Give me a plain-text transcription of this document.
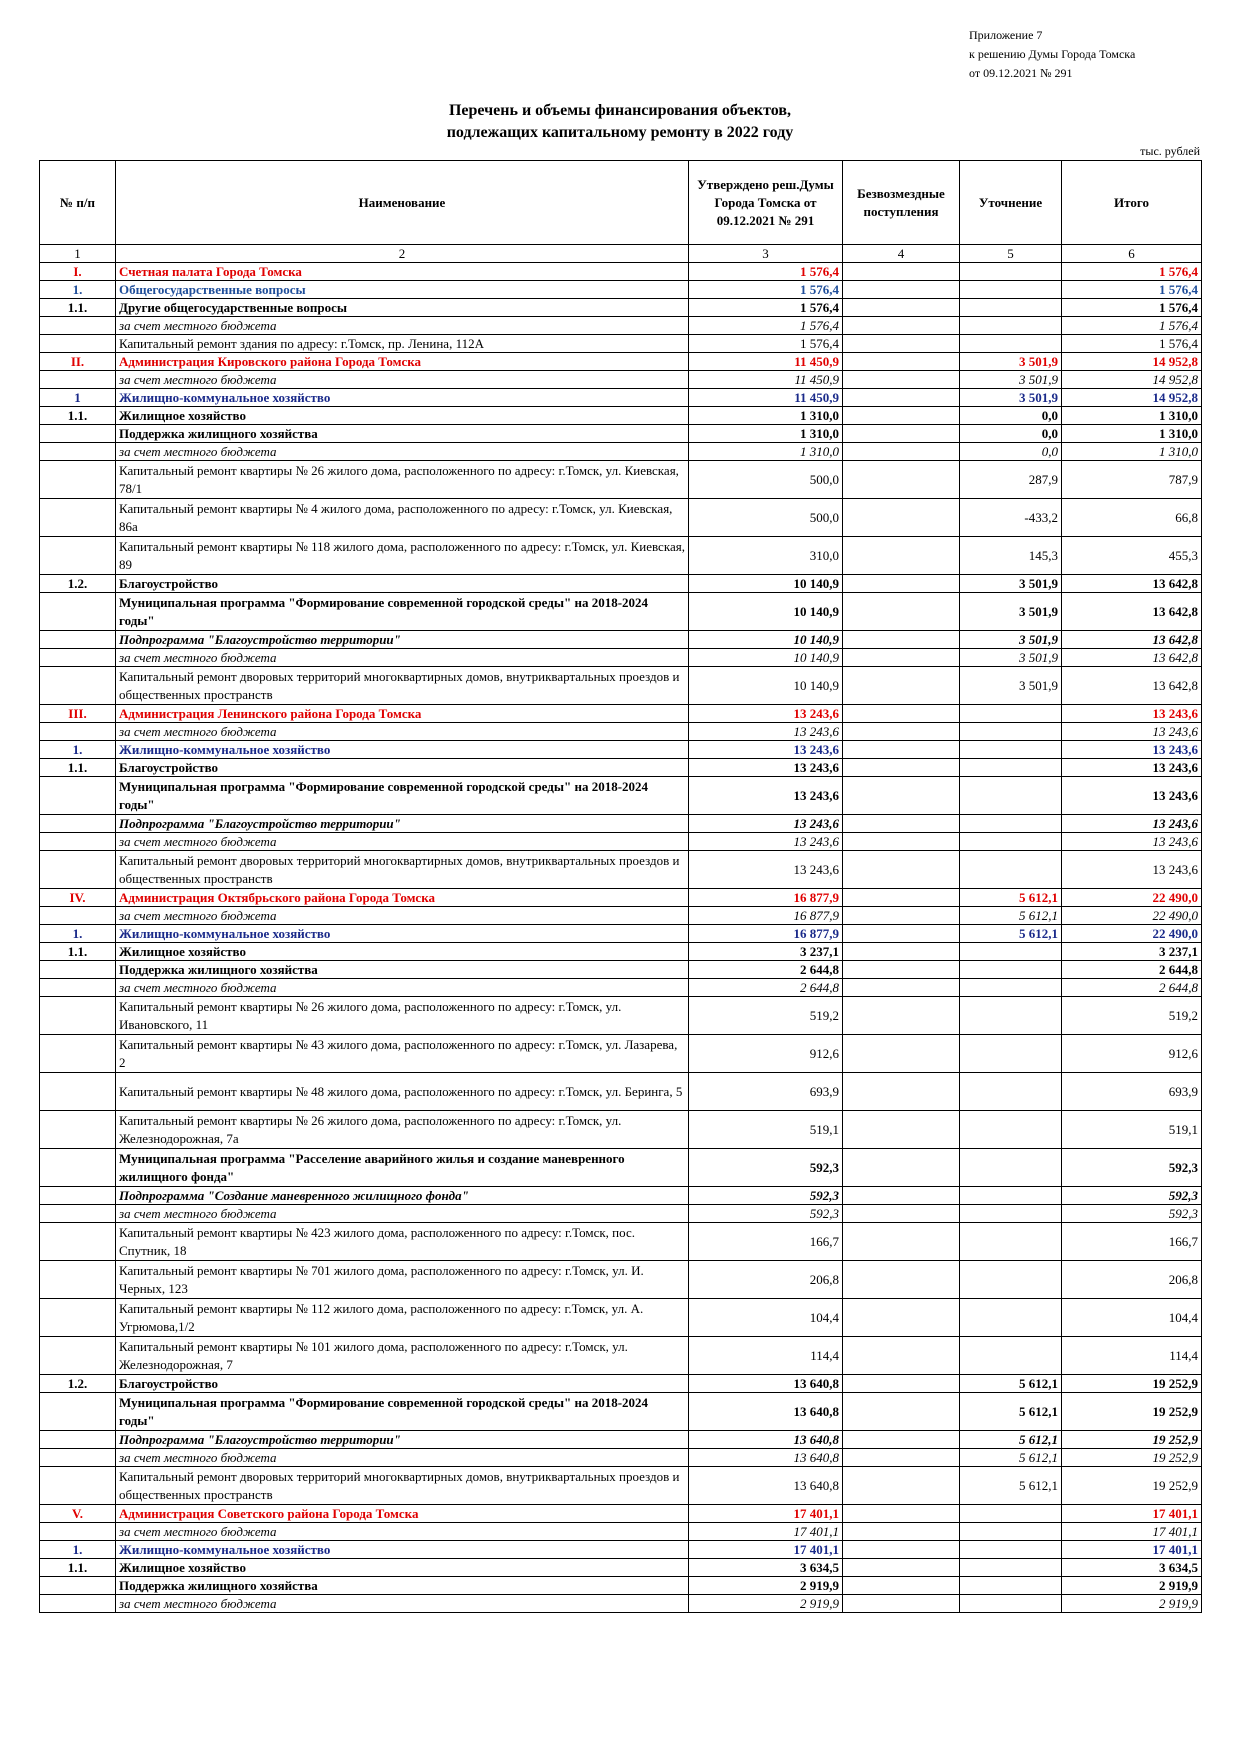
Приложение 7
к решению Думы Города Томска
от 09.12.2021 № 291
Перечень и объемы финансирования объектов,
подлежащих капитальному ремонту в 2022 году
тыс. рублей
№ п/п	Наименование	Утверждено реш.Думы Города Томска от 09.12.2021 № 291	Безвозмездные поступления	Уточнение	Итого
1	2	3	4	5	6
I.	Счетная палата Города Томска	1 576,4			1 576,4
1.	Общегосударственные вопросы	1 576,4			1 576,4
1.1.	Другие общегосударственные вопросы	1 576,4			1 576,4
	за счет местного бюджета	1 576,4			1 576,4
	Капитальный ремонт здания по адресу: г.Томск, пр. Ленина, 112А	1 576,4			1 576,4
II.	Администрация Кировского района Города Томска	11 450,9		3 501,9	14 952,8
	за счет местного бюджета	11 450,9		3 501,9	14 952,8
1	Жилищно-коммунальное хозяйство	11 450,9		3 501,9	14 952,8
1.1.	Жилищное хозяйство	1 310,0		0,0	1 310,0
	Поддержка жилищного хозяйства	1 310,0		0,0	1 310,0
	за счет местного бюджета	1 310,0		0,0	1 310,0
	Капитальный ремонт квартиры № 26 жилого дома, расположенного по адресу: г.Томск, ул. Киевская, 78/1	500,0		287,9	787,9
	Капитальный ремонт квартиры № 4 жилого дома, расположенного по адресу: г.Томск, ул. Киевская, 86а	500,0		-433,2	66,8
	Капитальный ремонт квартиры № 118 жилого дома, расположенного по адресу: г.Томск, ул. Киевская, 89	310,0		145,3	455,3
1.2.	Благоустройство	10 140,9		3 501,9	13 642,8
	Муниципальная программа "Формирование современной городской среды" на 2018-2024 годы"	10 140,9		3 501,9	13 642,8
	Подпрограмма "Благоустройство территории"	10 140,9		3 501,9	13 642,8
	за счет местного бюджета	10 140,9		3 501,9	13 642,8
	Капитальный ремонт дворовых территорий многоквартирных домов, внутриквартальных проездов и общественных пространств	10 140,9		3 501,9	13 642,8
III.	Администрация Ленинского района Города Томска	13 243,6			13 243,6
	за счет местного бюджета	13 243,6			13 243,6
1.	Жилищно-коммунальное хозяйство	13 243,6			13 243,6
1.1.	Благоустройство	13 243,6			13 243,6
	Муниципальная программа "Формирование современной городской среды" на 2018-2024 годы"	13 243,6			13 243,6
	Подпрограмма "Благоустройство территории"	13 243,6			13 243,6
	за счет местного бюджета	13 243,6			13 243,6
	Капитальный ремонт дворовых территорий многоквартирных домов, внутриквартальных проездов и общественных пространств	13 243,6			13 243,6
IV.	Администрация Октябрьского района Города Томска	16 877,9		5 612,1	22 490,0
	за счет местного бюджета	16 877,9		5 612,1	22 490,0
1.	Жилищно-коммунальное хозяйство	16 877,9		5 612,1	22 490,0
1.1.	Жилищное хозяйство	3 237,1			3 237,1
	Поддержка жилищного хозяйства	2 644,8			2 644,8
	за счет местного бюджета	2 644,8			2 644,8
	Капитальный ремонт квартиры № 26 жилого дома, расположенного по адресу: г.Томск, ул. Ивановского, 11	519,2			519,2
	Капитальный ремонт квартиры № 43 жилого дома, расположенного по адресу: г.Томск, ул. Лазарева, 2	912,6			912,6
	Капитальный ремонт квартиры № 48 жилого дома, расположенного по адресу: г.Томск, ул. Беринга, 5	693,9			693,9
	Капитальный ремонт квартиры № 26 жилого дома, расположенного по адресу: г.Томск, ул. Железнодорожная, 7а	519,1			519,1
	Муниципальная программа "Расселение аварийного жилья и создание маневренного жилищного фонда"	592,3			592,3
	Подпрограмма "Создание маневренного жилищного фонда"	592,3			592,3
	за счет местного бюджета	592,3			592,3
	Капитальный ремонт квартиры № 423 жилого дома, расположенного по адресу: г.Томск, пос. Спутник, 18	166,7			166,7
	Капитальный ремонт квартиры № 701 жилого дома, расположенного по адресу: г.Томск, ул. И. Черных, 123	206,8			206,8
	Капитальный ремонт квартиры № 112 жилого дома, расположенного по адресу: г.Томск, ул. А. Угрюмова,1/2	104,4			104,4
	Капитальный ремонт квартиры № 101 жилого дома, расположенного по адресу: г.Томск, ул. Железнодорожная, 7	114,4			114,4
1.2.	Благоустройство	13 640,8		5 612,1	19 252,9
	Муниципальная программа "Формирование современной городской среды" на 2018-2024 годы"	13 640,8		5 612,1	19 252,9
	Подпрограмма "Благоустройство территории"	13 640,8		5 612,1	19 252,9
	за счет местного бюджета	13 640,8		5 612,1	19 252,9
	Капитальный ремонт дворовых территорий многоквартирных домов, внутриквартальных проездов и общественных пространств	13 640,8		5 612,1	19 252,9
V.	Администрация Советского района Города Томска	17 401,1			17 401,1
	за счет местного бюджета	17 401,1			17 401,1
1.	Жилищно-коммунальное хозяйство	17 401,1			17 401,1
1.1.	Жилищное хозяйство	3 634,5			3 634,5
	Поддержка жилищного хозяйства	2 919,9			2 919,9
	за счет местного бюджета	2 919,9			2 919,9
